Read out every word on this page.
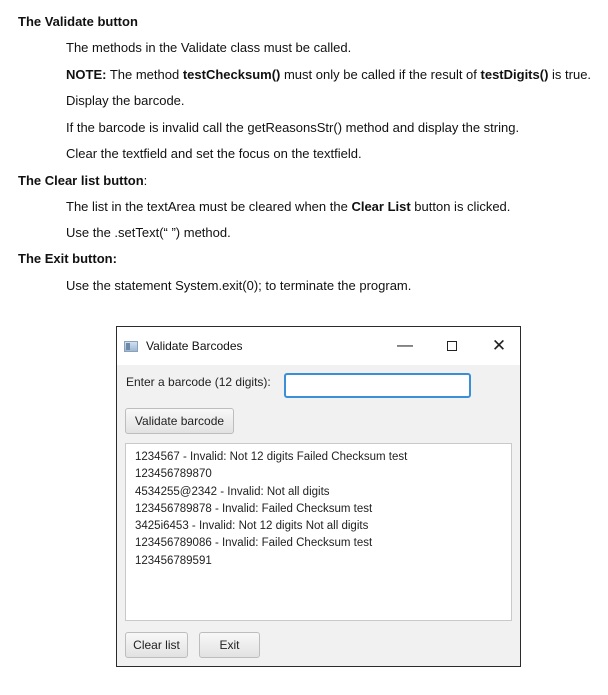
The Validate button
The methods in the Validate class must be called.
NOTE: The method testChecksum() must only be called if the result of testDigits() is true.
Display the barcode.
If the barcode is invalid call the getReasonsStr() method and display the string.
Clear the textfield and set the focus on the textfield.
The Clear list button:
The list in the textArea must be cleared when the Clear List button is clicked.
Use the .setText(“ ”) method.
The Exit button:
Use the statement System.exit(0); to terminate the program.
Validate Barcodes	—	✕
Enter a barcode (12 digits):
Validate barcode
1234567 - Invalid: Not 12 digits Failed Checksum test
123456789870
4534255@2342 - Invalid: Not all digits
123456789878 - Invalid: Failed Checksum test
3425i6453 - Invalid: Not 12 digits Not all digits
123456789086 - Invalid: Failed Checksum test
123456789591
Clear list	Exit
